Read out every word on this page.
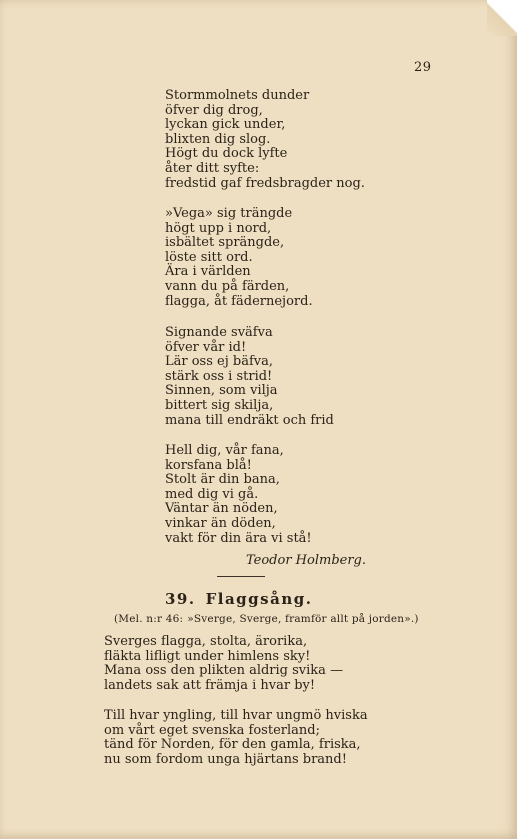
29
Stormmolnets dunder
öfver dig drog,
lyckan gick under,
blixten dig slog.
Högt du dock lyfte
åter ditt syfte:
fredstid gaf fredsbragder nog.
»Vega» sig trängde
högt upp i nord,
isbältet sprängde,
löste sitt ord.
Ära i världen
vann du på färden,
flagga, åt fädernejord.
Signande sväfva
öfver vår id!
Lär oss ej bäfva,
stärk oss i strid!
Sinnen, som vilja
bittert sig skilja,
mana till endräkt och frid
Hell dig, vår fana,
korsfana blå!
Stolt är din bana,
med dig vi gå.
Väntar än nöden,
vinkar än döden,
vakt för din ära vi stå!
Teodor Holmberg.
39. Flaggsång.
(Mel. n:r 46: »Sverge, Sverge, framför allt på jorden».)
Sverges flagga, stolta, ärorika,
fläkta lifligt under himlens sky!
Mana oss den plikten aldrig svika —
landets sak att främja i hvar by!
Till hvar yngling, till hvar ungmö hviska
om vårt eget svenska fosterland;
tänd för Norden, för den gamla, friska,
nu som fordom unga hjärtans brand!
